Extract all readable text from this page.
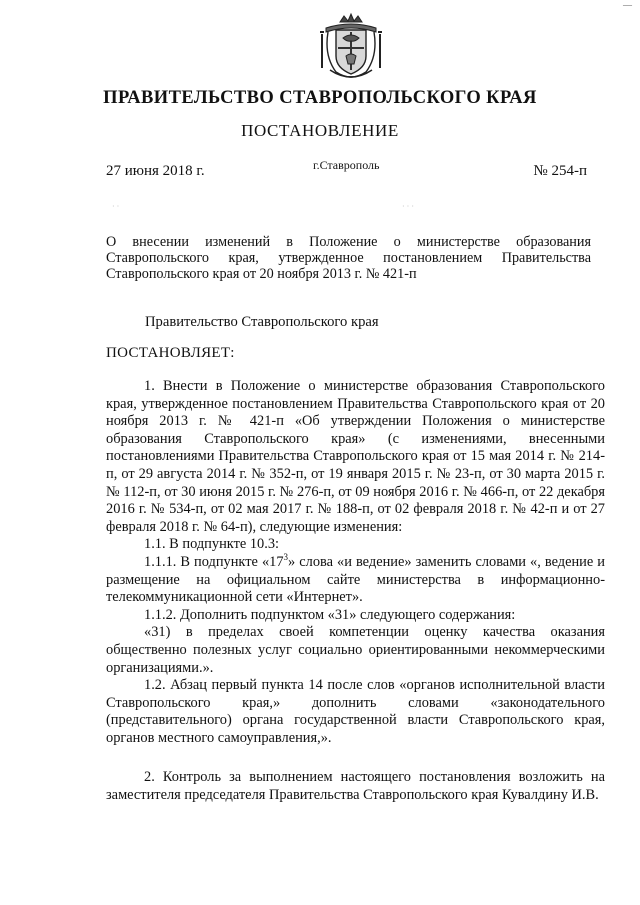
—
ПРАВИТЕЛЬСТВО СТАВРОПОЛЬСКОГО КРАЯ
ПОСТАНОВЛЕНИЕ
27 июня 2018 г.	г.Ставрополь	№ 254-п
· ·	· · ·
О внесении изменений в Положение о министерстве образования Ставропольского края, утвержденное постановлением Правительства Ставропольского края от 20 ноября 2013 г. № 421-п
Правительство Ставропольского края
ПОСТАНОВЛЯЕТ:

1. Внести в Положение о министерстве образования Ставропольского края, утвержденное постановлением Правительства Ставропольского края от 20 ноября 2013 г. № 421-п «Об утверждении Положения о министерстве образования Ставропольского края» (с изменениями, внесенными постановлениями Правительства Ставропольского края от 15 мая 2014 г. № 214-п, от 29 августа 2014 г. № 352-п, от 19 января 2015 г. № 23-п, от 30 марта 2015 г. № 112-п, от 30 июня 2015 г. № 276-п, от 09 ноября 2016 г. № 466-п, от 22 декабря 2016 г. № 534-п, от 02 мая 2017 г. № 188-п, от 02 февраля 2018 г. № 42-п и от 27 февраля 2018 г. № 64-п), следующие изменения:

1.1. В подпункте 10.3:

1.1.1. В подпункте «$17^3$» слова «и ведение» заменить словами «, ведение и размещение на официальном сайте министерства в информационно-телекоммуникационной сети «Интернет».

1.1.2. Дополнить подпунктом «31» следующего содержания:

«31) в пределах своей компетенции оценку качества оказания общественно полезных услуг социально ориентированными некоммерческими организациями.».

1.2. Абзац первый пункта 14 после слов «органов исполнительной власти Ставропольского края,» дополнить словами «законодательного (представительного) органа государственной власти Ставропольского края, органов местного самоуправления,».

2. Контроль за выполнением настоящего постановления возложить на заместителя председателя Правительства Ставропольского края Кувалдину И.В.
